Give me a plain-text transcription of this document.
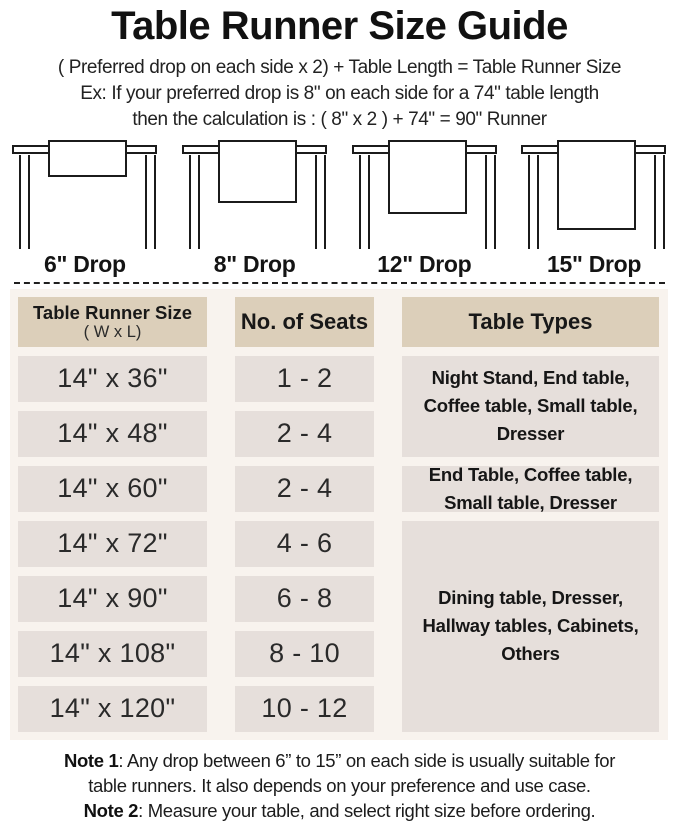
Table Runner Size Guide

( Preferred drop on each side x 2) + Table Length = Table Runner Size

Ex: If your preferred drop is 8" on each side for a 74" table length

then the calculation is : ( 8" x 2 ) + 74" = 90" Runner

6" Drop	8" Drop	12" Drop	15" Drop
Table Runner Size
( W x L)	No. of Seats	Table Types
14" x 36"	1 - 2	Night Stand, End table, Coffee table, Small table, Dresser
14" x 48"	2 - 4
14" x 60"	2 - 4	End Table, Coffee table, Small table, Dresser
14" x 72"	4 - 6
Dining table, Dresser, Hallway tables, Cabinets, Others
14" x 90"	6 - 8
14" x 108"	8 - 10
14" x 120"	10 - 12

Note 1: Any drop between 6” to 15” on each side is usually suitable for
table runners. It also depends on your preference and use case.

Note 2: Measure your table, and select right size before ordering.
